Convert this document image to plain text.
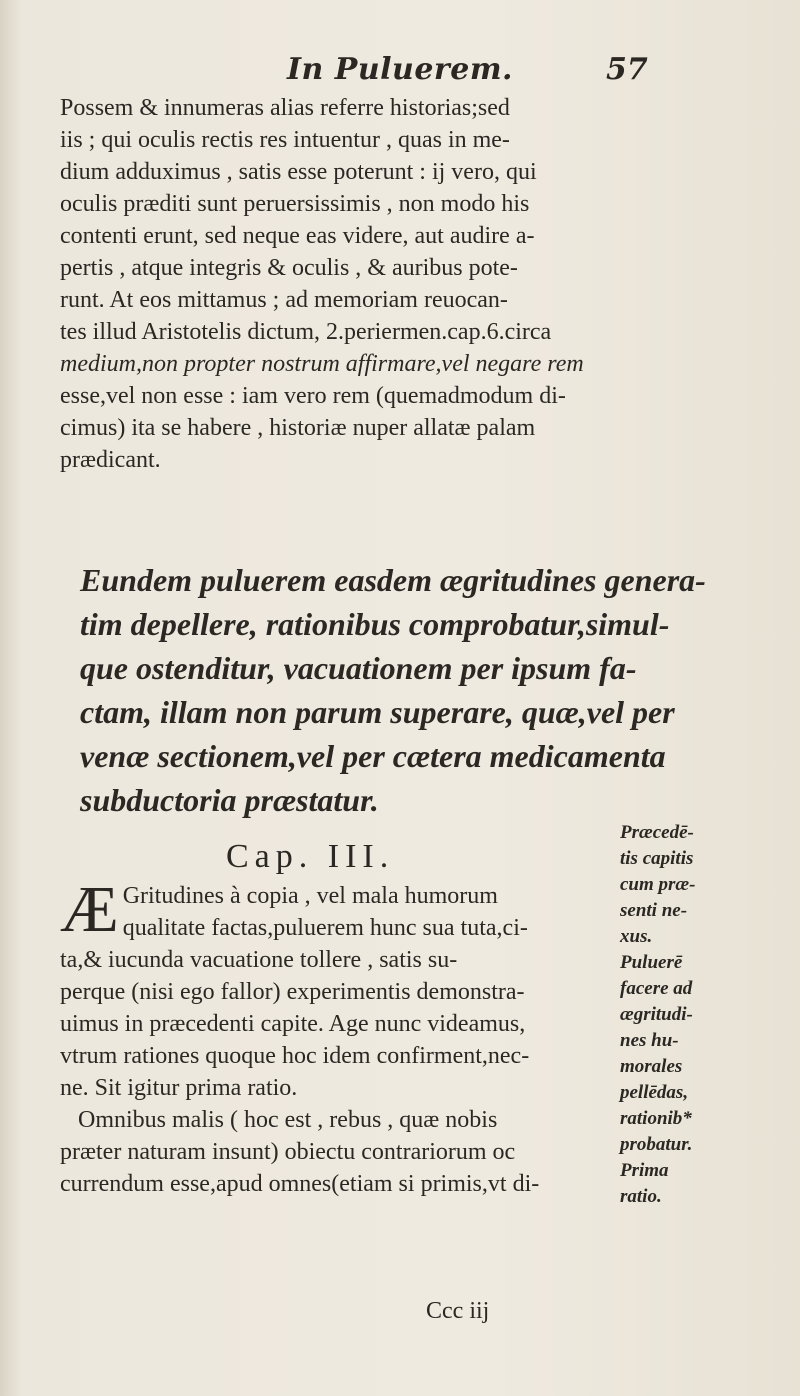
In Puluerem.	57
Possem & innumeras alias referre historias;sed
iis ; qui oculis rectis res intuentur , quas in me-
dium adduximus , satis esse poterunt : ij vero, qui
oculis præditi sunt peruersissimis , non modo his
contenti erunt, sed neque eas videre, aut audire a-
pertis , atque integris & oculis , & auribus pote-
runt. At eos mittamus ; ad memoriam reuocan-
tes illud Aristotelis dictum, 2.periermen.cap.6.circa
medium,non propter nostrum affirmare,vel negare rem
esse,vel non esse : iam vero rem (quemadmodum di-
cimus) ita se habere , historiæ nuper allatæ palam
prædicant.
Eundem puluerem easdem ægritudines genera-
tim depellere, rationibus comprobatur,simul-
que ostenditur, vacuationem per ipsum fa-
ctam, illam non parum superare, quæ,vel per
venæ sectionem,vel per cætera medicamenta
subductoria præstatur.
Cap. III.
Præcedē-
tis capitis
cum præ-
senti ne-
xus.
Puluerē
facere ad
ægritudi-
nes hu-
morales
pellēdas,
rationib*
probatur.
Prima
ratio.
Æ Gritudines à copia , vel mala humorum
qualitate factas,puluerem hunc sua tuta,ci-
ta,& iucunda vacuatione tollere , satis su-
perque (nisi ego fallor) experimentis demonstra-
uimus in præcedenti capite. Age nunc videamus,
vtrum rationes quoque hoc idem confirment,nec-
ne. Sit igitur prima ratio.
Omnibus malis ( hoc est , rebus , quæ nobis
præter naturam insunt) obiectu contrariorum oc
currendum esse,apud omnes(etiam si primis,vt di-
Ccc iij
